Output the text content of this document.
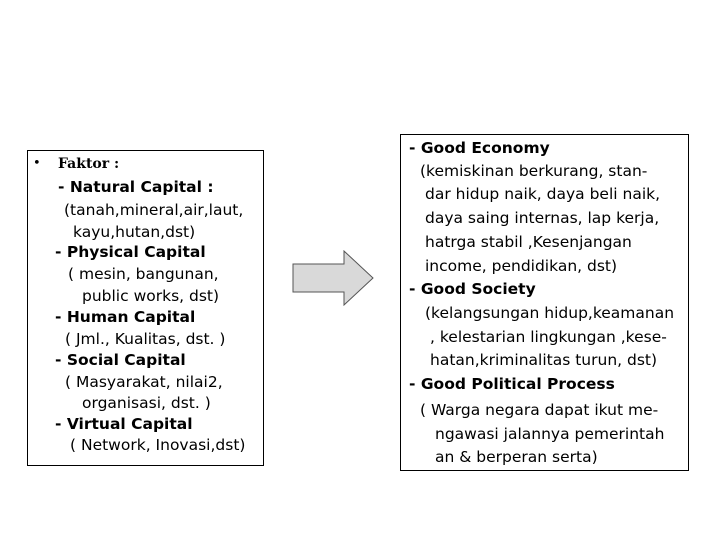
• Faktor :
- Natural Capital :
(tanah,mineral,air,laut,
kayu,hutan,dst)
- Physical Capital
( mesin, bangunan,
public works, dst)
- Human Capital
( Jml., Kualitas, dst. )
- Social Capital
( Masyarakat, nilai2,
organisasi, dst. )
- Virtual Capital
( Network, Inovasi,dst)
- Good Economy
(kemiskinan berkurang, stan-
dar hidup naik, daya beli naik,
daya saing internas, lap kerja,
hatrga stabil ,Kesenjangan
income, pendidikan, dst)
- Good Society
(kelangsungan hidup,keamanan
, kelestarian lingkungan ,kese-
hatan,kriminalitas turun, dst)
- Good Political Process
( Warga negara dapat ikut me-
ngawasi jalannya pemerintah
an & berperan serta)
